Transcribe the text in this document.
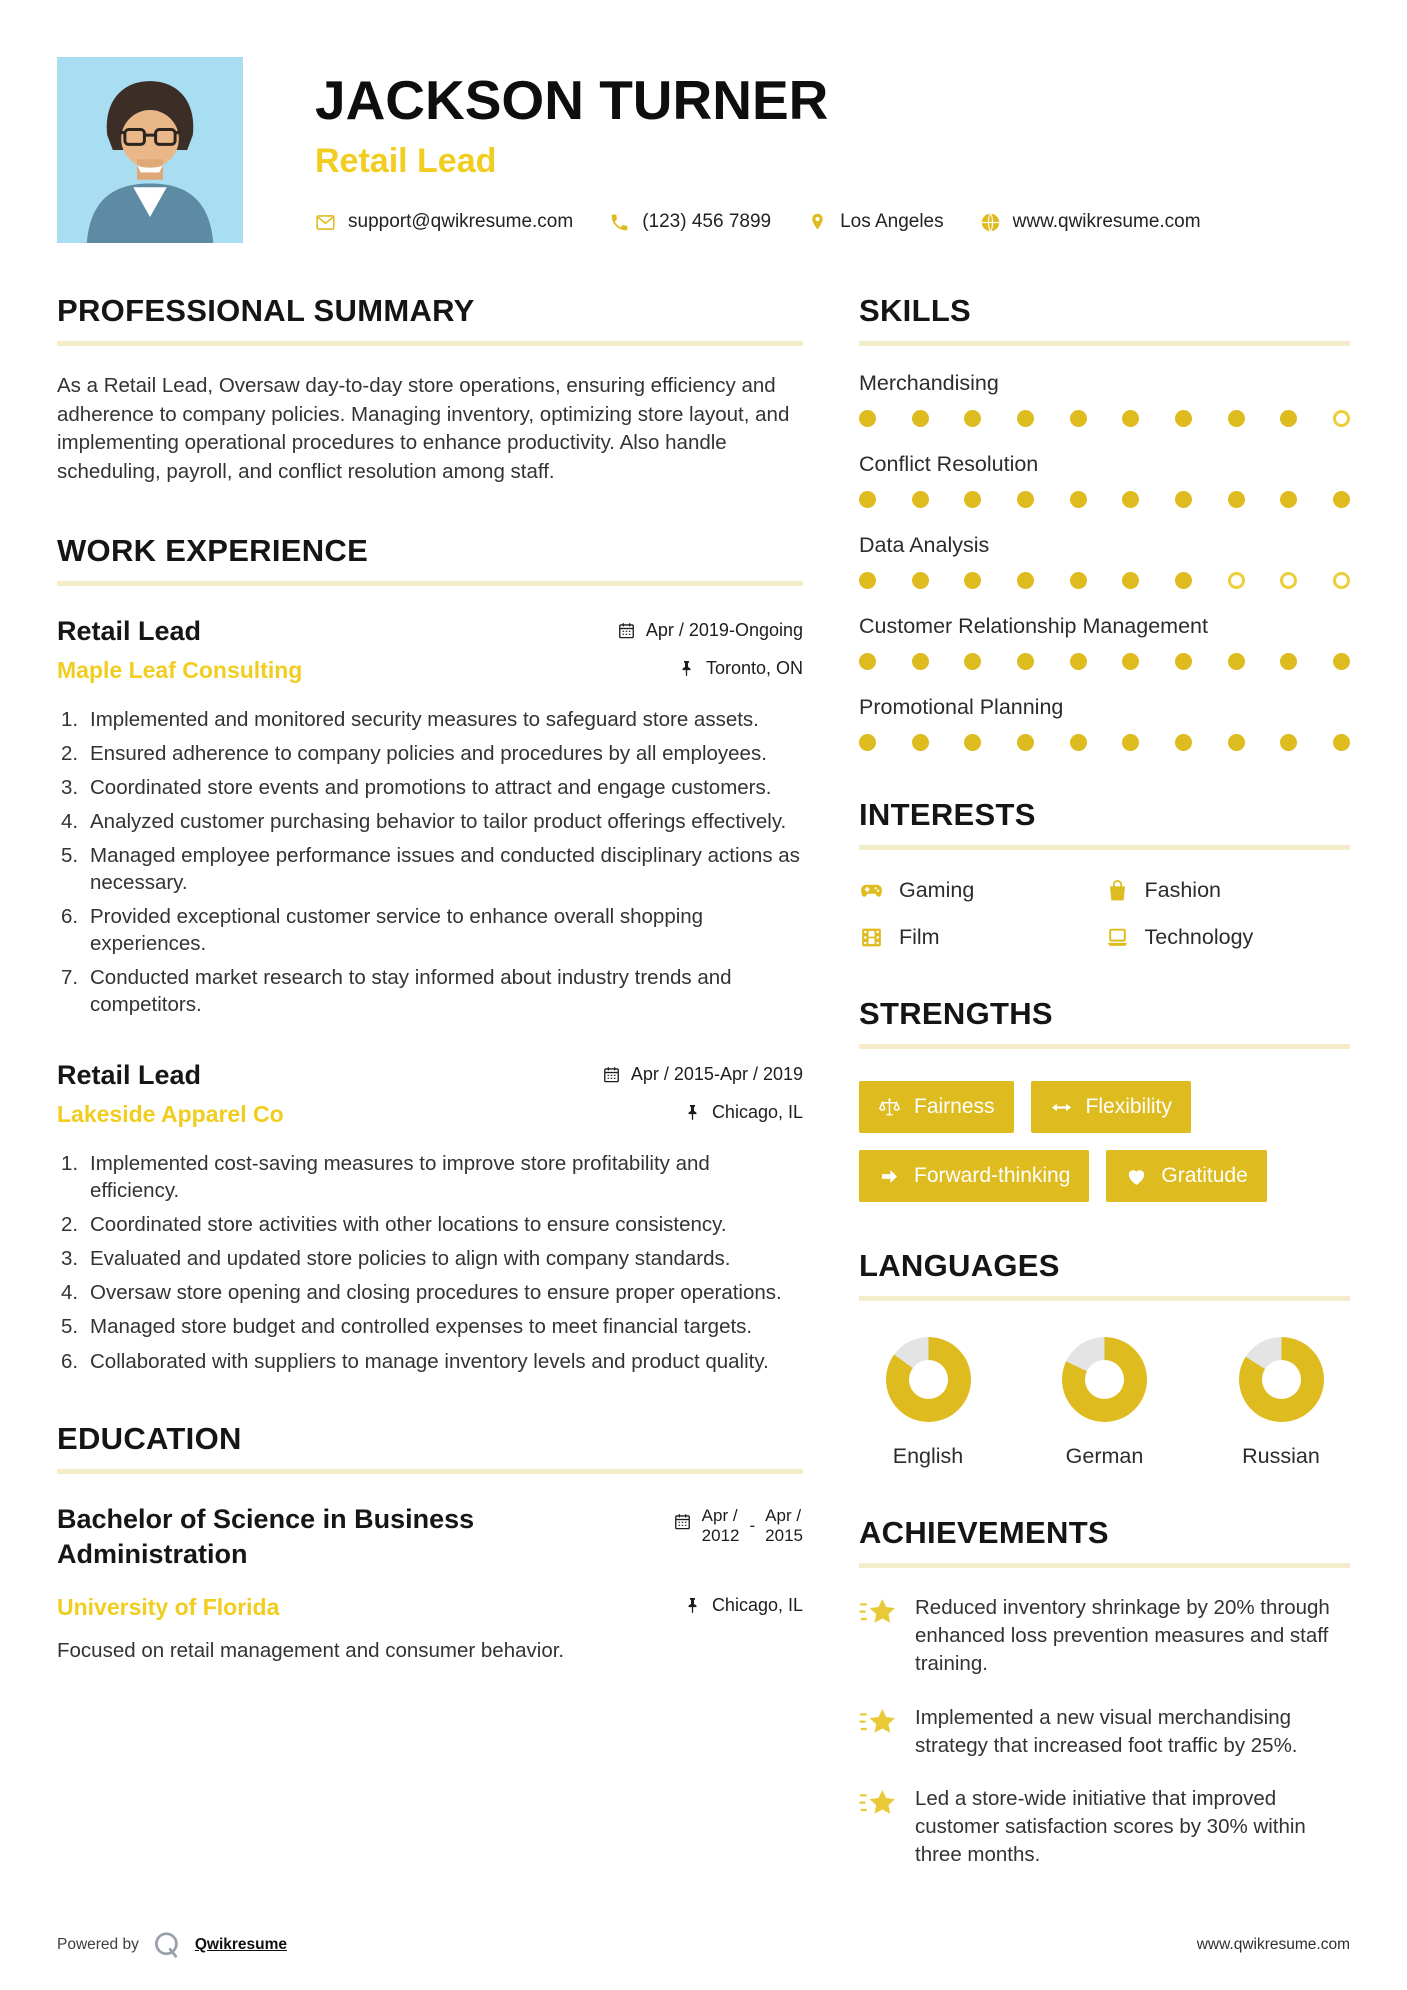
JACKSON TURNER
Retail Lead
support@qwikresume.com	(123) 456 7899	Los Angeles	www.qwikresume.com
PROFESSIONAL SUMMARY

As a Retail Lead, Oversaw day-to-day store operations, ensuring efficiency and adherence to company policies. Managing inventory, optimizing store layout, and implementing operational procedures to enhance productivity. Also handle scheduling, payroll, and conflict resolution among staff.

WORK EXPERIENCE
Retail Lead	Apr / 2019-Ongoing
Maple Leaf Consulting	Toronto, ON
Implemented and monitored security measures to safeguard store assets.
Ensured adherence to company policies and procedures by all employees.
Coordinated store events and promotions to attract and engage customers.
Analyzed customer purchasing behavior to tailor product offerings effectively.
Managed employee performance issues and conducted disciplinary actions as necessary.
Provided exceptional customer service to enhance overall shopping experiences.
Conducted market research to stay informed about industry trends and competitors.
Retail Lead	Apr / 2015-Apr / 2019
Lakeside Apparel Co	Chicago, IL
Implemented cost-saving measures to improve store profitability and efficiency.
Coordinated store activities with other locations to ensure consistency.
Evaluated and updated store policies to align with company standards.
Oversaw store opening and closing procedures to ensure proper operations.
Managed store budget and controlled expenses to meet financial targets.
Collaborated with suppliers to manage inventory levels and product quality.
EDUCATION
Bachelor of Science in Business Administration
Apr /
2012
-
Apr /
2015
University of Florida	Chicago, IL

Focused on retail management and consumer behavior.

SKILLS
Merchandising
Conflict Resolution
Data Analysis
Customer Relationship Management
Promotional Planning
INTERESTS
Gaming	Fashion
Film	Technology
STRENGTHS
Fairness	Flexibility
Forward-thinking	Gratitude
LANGUAGES
English	German	Russian
ACHIEVEMENTS

Reduced inventory shrinkage by 20% through enhanced loss prevention measures and staff training.

Implemented a new visual merchandising strategy that increased foot traffic by 25%.

Led a store-wide initiative that improved customer satisfaction scores by 30% within three months.

Powered by	Qwikresume	www.qwikresume.com
